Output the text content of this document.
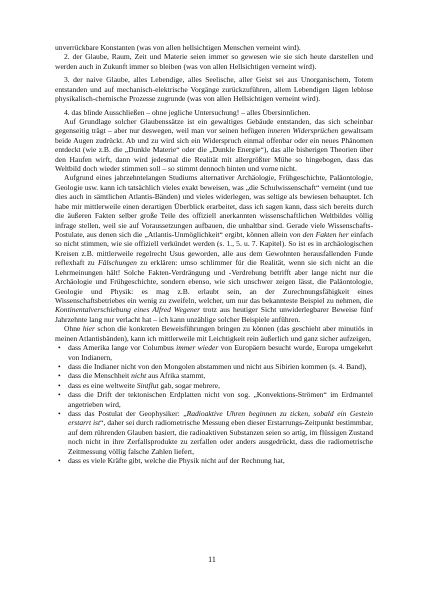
unverrückbare Konstanten (was von allen hellsichtigen Menschen verneint wird).

2. der Glaube, Raum, Zeit und Materie seien immer so gewesen wie sie sich heute darstellen und werden auch in Zukunft immer so bleiben (was von allen Hellsichtigen verneint wird).

3. der naive Glaube, alles Lebendige, alles Seelische, aller Geist sei aus Unorganischem, Totem entstanden und auf mechanisch-elektrische Vorgänge zurückzuführen, allem Lebendigen lägen leblose physikalisch-chemische Prozesse zugrunde (was von allen Hellsichtigen verneint wird).

4. das blinde Ausschließen – ohne jegliche Untersuchung! – alles Übersinnlichen.

Auf Grundlage solcher Glaubenssätze ist ein gewaltiges Gebäude entstanden, das sich scheinbar gegenseitig trägt – aber nur deswegen, weil man vor seinen hefügen inneren Widersprüchen gewaltsam beide Augen zudrückt. Ab und zu wird sich ein Widerspruch einmal offenbar oder ein neues Phänomen entdeckt (wie z.B. die „Dunkle Materie“ oder die „Dunkle Energie“), das alle bisherigen Theorien über den Haufen wirft, dann wird jedesmal die Realität mit allergrößter Mühe so hingebogen, dass das Weltbild doch wieder stimmen soll – so stimmt dennoch hinten und vorne nicht.

Aufgrund eines jahrzehntelangen Studiums alternativer Archäologie, Frühgeschichte, Paläontologie, Geologie usw. kann ich tatsächlich vieles exakt beweisen, was „die Schulwissenschaft“ verneint (und tue dies auch in sämtlichen Atlantis-Bänden) und vieles widerlegen, was seltige als bewiesen behauptet. Ich habe mir mittlerweile einen derartigen Überblick erarbeitet, dass ich sagen kann, dass sich bereits durch die äußeren Fakten selber große Teile des offiziell anerkannten wissenschaftlichen Weltbildes völlig infrage stellen, weil sie auf Voraussetzungen aufbauen, die unhaltbar sind. Gerade viele Wissenschafts-Postulate, aus denen sich die „Atlantis-Unmöglichkeit“ ergibt, können allein von den Fakten her einfach so nicht stimmen, wie sie offiziell verkündet werden (s. 1., 5. u. 7. Kapitel). So ist es in archäologischen Kreisen z.B. mittlerweile regelrecht Usus geworden, alle aus dem Gewohnten herausfallenden Funde reflexhaft zu Fälschungen zu erklären: umso schlimmer für die Realität, wenn sie sich nicht an die Lehrmeinungen hält! Solche Fakten-Verdrängung und -Verdrehung betrifft aber lange nicht nur die Archäologie und Frühgeschichte, sondern ebenso, wie sich unschwer zeigen lässt, die Paläontologie, Geologie und Physik: es mag z.B. erlaubt sein, an der Zurechnungsfähigkeit eines Wissenschaftsbetriebes ein wenig zu zweifeln, welcher, um nur das bekannteste Beispiel zu nehmen, die Kontinentalverschiebung eines Alfred Wegener trotz aus heutiger Sicht unwiderlegbarer Beweise fünf Jahrzehnte lang nur verlacht hat – ich kann unzählige solcher Beispiele anführen.

Ohne hier schon die konkreten Beweisführungen bringen zu können (das geschieht aber minutiös in meinen Atlantisbänden), kann ich mittlerweile mit Leichtigkeit rein äußerlich und ganz sicher aufzeigen,

• dass Amerika lange vor Columbus immer wieder von Europäern besucht wurde, Europa umgekehrt von Indianern,
• dass die Indianer nicht von den Mongolen abstammen und nicht aus Sibirien kommen (s. 4. Band),
• dass die Menschheit nicht aus Afrika stammt,
• dass es eine weltweite Sintflut gab, sogar mehrere,
• dass die Drift der tektonischen Erdplatten nicht von sog. „Konvektions-Strömen“ im Erdmantel angetrieben wird,
• dass das Postulat der Geophysiker: „Radioaktive Uhren beginnen zu ticken, sobald ein Gestein erstarrt ist“, daher sei durch radiometrische Messung eben dieser Erstarrungs-Zeitpunkt bestimmbar, auf dem rührenden Glauben basiert, die radioaktiven Substanzen seien so artig, im flüssigen Zustand noch nicht in ihre Zerfallsprodukte zu zerfallen oder anders ausgedrückt, dass die radiometrische Zeitmessung völlig falsche Zahlen liefert,
• dass es viele Kräfte gibt, welche die Physik nicht auf der Rechnung hat,
11
